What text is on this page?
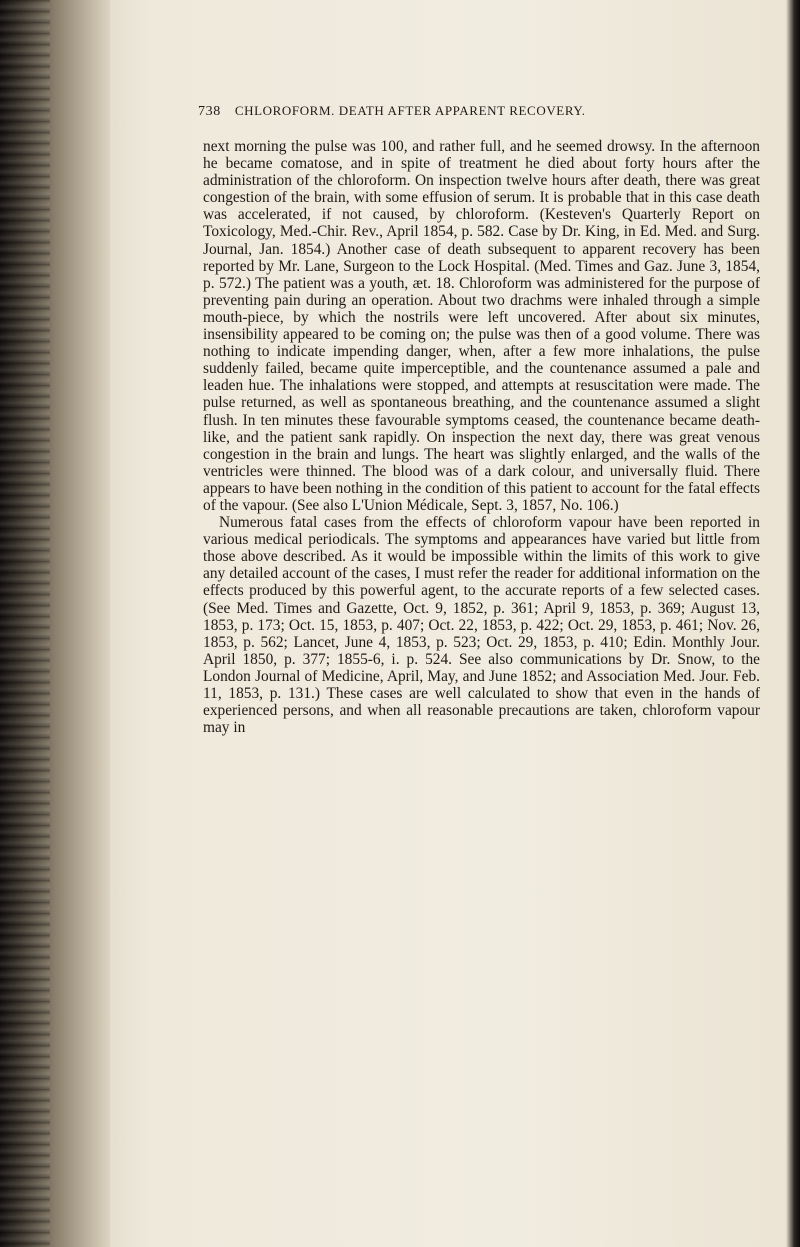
738 CHLOROFORM. DEATH AFTER APPARENT RECOVERY.

next morning the pulse was 100, and rather full, and he seemed drowsy. In the afternoon he became comatose, and in spite of treatment he died about forty hours after the administration of the chloroform. On inspection twelve hours after death, there was great congestion of the brain, with some effusion of serum. It is probable that in this case death was accelerated, if not caused, by chloroform. (Kesteven's Quarterly Report on Toxicology, Med.-Chir. Rev., April 1854, p. 582. Case by Dr. King, in Ed. Med. and Surg. Journal, Jan. 1854.) Another case of death subsequent to apparent recovery has been reported by Mr. Lane, Surgeon to the Lock Hospital. (Med. Times and Gaz. June 3, 1854, p. 572.) The patient was a youth, æt. 18. Chloroform was administered for the purpose of preventing pain during an operation. About two drachms were inhaled through a simple mouth-piece, by which the nostrils were left uncovered. After about six minutes, insensibility appeared to be coming on; the pulse was then of a good volume. There was nothing to indicate impending danger, when, after a few more inhalations, the pulse suddenly failed, became quite imperceptible, and the countenance assumed a pale and leaden hue. The inhalations were stopped, and attempts at resuscitation were made. The pulse returned, as well as spontaneous breathing, and the countenance assumed a slight flush. In ten minutes these favourable symptoms ceased, the countenance became death-like, and the patient sank rapidly. On inspection the next day, there was great venous congestion in the brain and lungs. The heart was slightly enlarged, and the walls of the ventricles were thinned. The blood was of a dark colour, and universally fluid. There appears to have been nothing in the condition of this patient to account for the fatal effects of the vapour. (See also L'Union Médicale, Sept. 3, 1857, No. 106.)

Numerous fatal cases from the effects of chloroform vapour have been reported in various medical periodicals. The symptoms and appearances have varied but little from those above described. As it would be impossible within the limits of this work to give any detailed account of the cases, I must refer the reader for additional information on the effects produced by this powerful agent, to the accurate reports of a few selected cases. (See Med. Times and Gazette, Oct. 9, 1852, p. 361; April 9, 1853, p. 369; August 13, 1853, p. 173; Oct. 15, 1853, p. 407; Oct. 22, 1853, p. 422; Oct. 29, 1853, p. 461; Nov. 26, 1853, p. 562; Lancet, June 4, 1853, p. 523; Oct. 29, 1853, p. 410; Edin. Monthly Jour. April 1850, p. 377; 1855-6, i. p. 524. See also communications by Dr. Snow, to the London Journal of Medicine, April, May, and June 1852; and Association Med. Jour. Feb. 11, 1853, p. 131.) These cases are well calculated to show that even in the hands of experienced persons, and when all reasonable precautions are taken, chloroform vapour may in
